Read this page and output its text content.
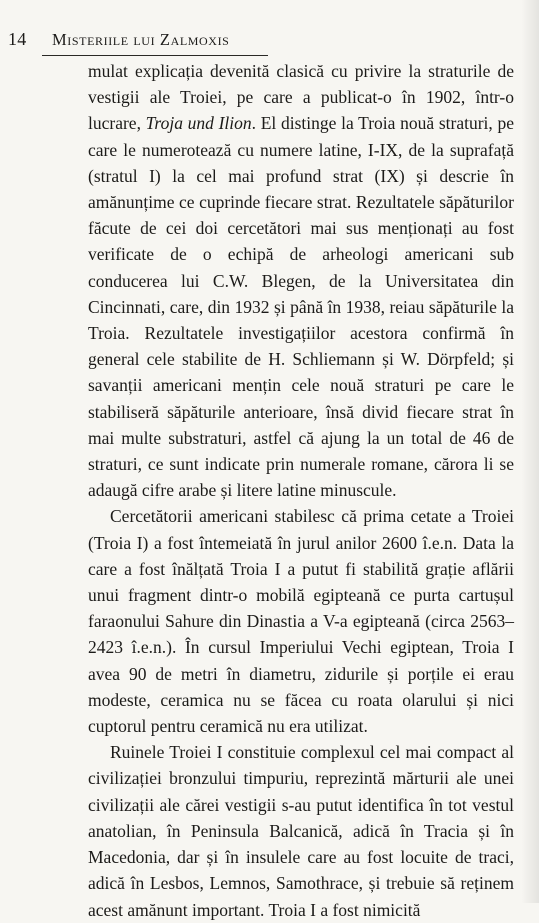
14 Misteriile lui Zalmoxis

mulat explicația devenită clasică cu privire la straturile de vestigii ale Troiei, pe care a publicat-o în 1902, într-o lucrare, Troja und Ilion. El distinge la Troia nouă straturi, pe care le numerotează cu numere latine, I-IX, de la suprafață (stratul I) la cel mai profund strat (IX) și descrie în amănunțime ce cuprinde fiecare strat. Rezultatele săpăturilor făcute de cei doi cercetători mai sus menționați au fost verificate de o echipă de arheologi americani sub conducerea lui C.W. Blegen, de la Universitatea din Cincinnati, care, din 1932 și până în 1938, reiau săpăturile la Troia. Rezultatele investigațiilor acestora confirmă în general cele stabilite de H. Schliemann și W. Dörpfeld; și savanții americani mențin cele nouă straturi pe care le stabiliseră săpăturile anterioare, însă divid fiecare strat în mai multe substraturi, astfel că ajung la un total de 46 de straturi, ce sunt indicate prin numerale romane, cărora li se adaugă cifre arabe și litere latine minuscule.

Cercetătorii americani stabilesc că prima cetate a Troiei (Troia I) a fost întemeiată în jurul anilor 2600 î.e.n. Data la care a fost înălțată Troia I a putut fi stabilită grație aflării unui fragment dintr-o mobilă egipteană ce purta cartușul faraonului Sahure din Dinastia a V-a egipteană (circa 2563–2423 î.e.n.). În cursul Imperiului Vechi egiptean, Troia I avea 90 de metri în diametru, zidurile și porțile ei erau modeste, ceramica nu se făcea cu roata olarului și nici cuptorul pentru ceramică nu era utilizat.

Ruinele Troiei I constituie complexul cel mai compact al civilizației bronzului timpuriu, reprezintă mărturii ale unei civilizații ale cărei vestigii s-au putut identifica în tot vestul anatolian, în Peninsula Balcanică, adică în Tracia și în Macedonia, dar și în insulele care au fost locuite de traci, adică în Lesbos, Lemnos, Samothrace, și trebuie să reținem acest amănunt important. Troia I a fost nimicită
